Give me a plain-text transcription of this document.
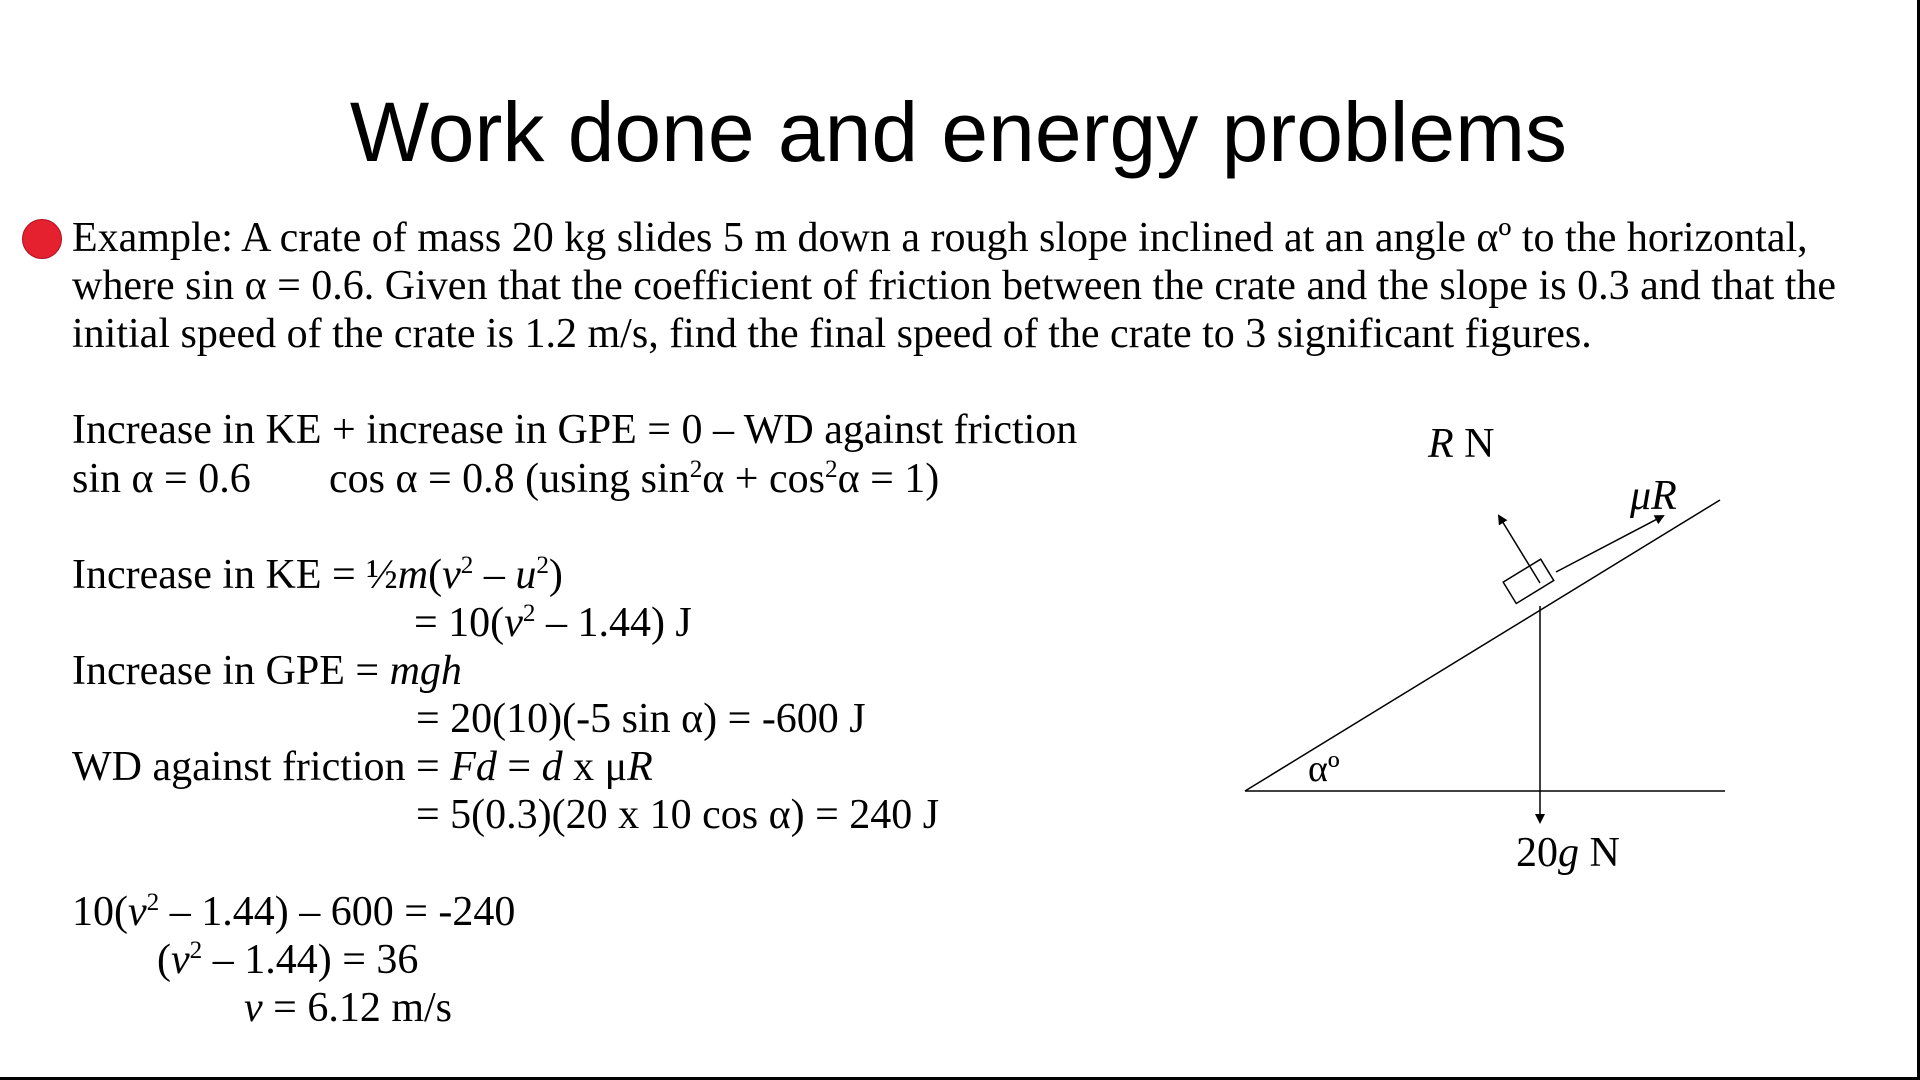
Work done and energy problems
Example: A crate of mass 20 kg slides 5 m down a rough slope inclined at an angle αº to the horizontal, where sin α = 0.6. Given that the coefficient of friction between the crate and the slope is 0.3 and that the initial speed of the crate is 1.2 m/s, find the final speed of the crate to 3 significant figures.
Increase in KE + increase in GPE = 0 – WD against friction
sin α = 0.6 cos α = 0.8 (using $\sin^2\alpha + \cos^2\alpha = 1$)
Increase in KE = $\frac{1}{2}m(v^2 - u^2)$
= $10(v^2 - 1.44)$ J
Increase in GPE = mgh
= 20(10)(-5 sin α) = -600 J
WD against friction = Fd = d x μR
= 5(0.3)(20 x 10 cos α) = 240 J
$10(v^2 - 1.44) - 600 = -240$
$(v^2 - 1.44) = 36$
v = 6.12 m/s
R N
μR
αº
20g N
